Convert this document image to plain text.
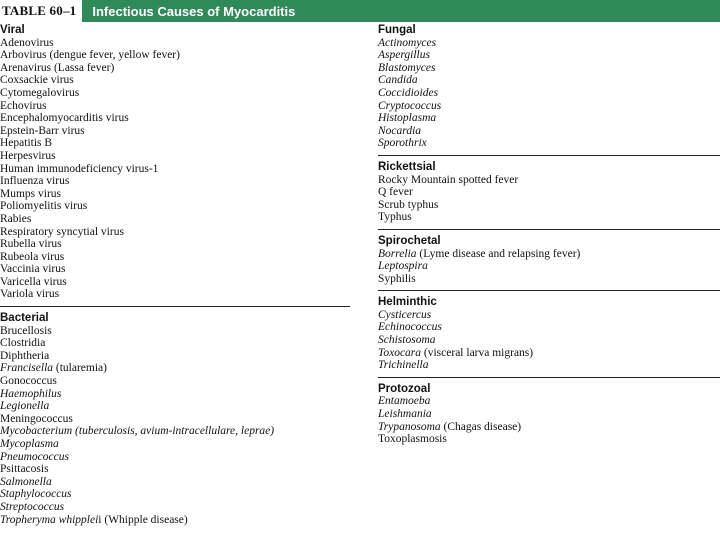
TABLE 60–1	Infectious Causes of Myocarditis
Viral
Adenovirus
Arbovirus (dengue fever, yellow fever)
Arenavirus (Lassa fever)
Coxsackie virus
Cytomegalovirus
Echovirus
Encephalomyocarditis virus
Epstein-Barr virus
Hepatitis B
Herpesvirus
Human immunodeficiency virus-1
Influenza virus
Mumps virus
Poliomyelitis virus
Rabies
Respiratory syncytial virus
Rubella virus
Rubeola virus
Vaccinia virus
Varicella virus
Variola virus
Bacterial
Brucellosis
Clostridia
Diphtheria
Francisella (tularemia)
Gonococcus
Haemophilus
Legionella
Meningococcus
Mycobacterium (tuberculosis, avium-intracellulare, leprae)
Mycoplasma
Pneumococcus
Psittacosis
Salmonella
Staphylococcus
Streptococcus
Tropheryma whippleii (Whipple disease)
Fungal
Actinomyces
Aspergillus
Blastomyces
Candida
Coccidioides
Cryptococcus
Histoplasma
Nocardia
Sporothrix
Rickettsial
Rocky Mountain spotted fever
Q fever
Scrub typhus
Typhus
Spirochetal
Borrelia (Lyme disease and relapsing fever)
Leptospira
Syphilis
Helminthic
Cysticercus
Echinococcus
Schistosoma
Toxocara (visceral larva migrans)
Trichinella
Protozoal
Entamoeba
Leishmania
Trypanosoma (Chagas disease)
Toxoplasmosis
